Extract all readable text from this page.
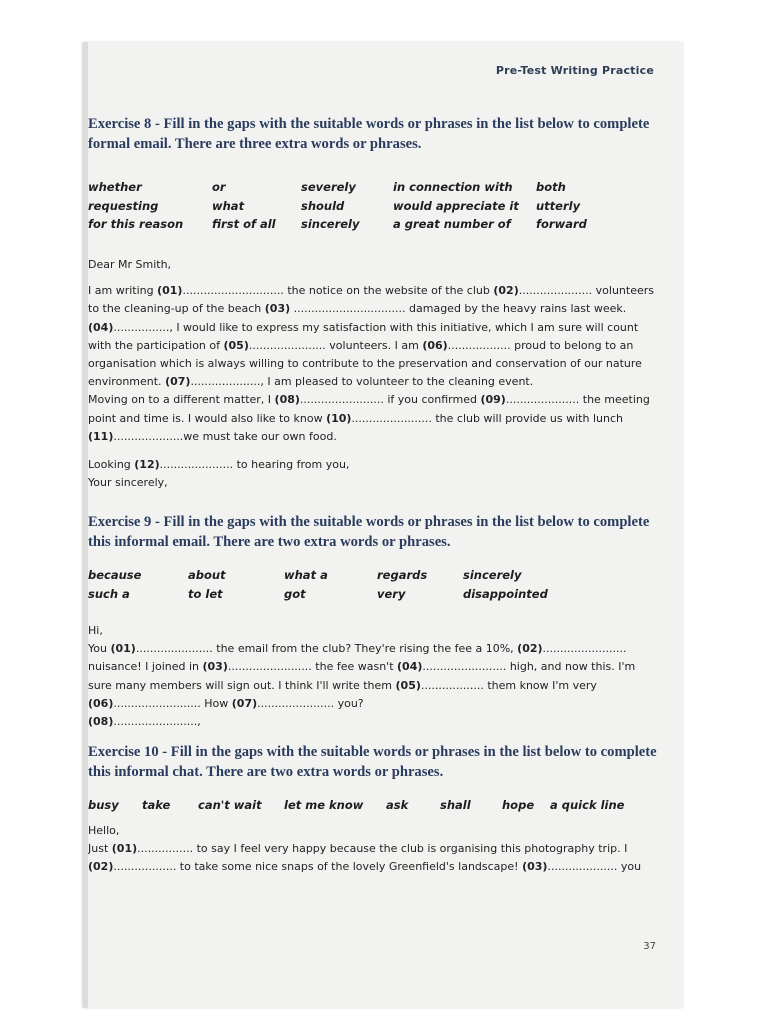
Pre-Test Writing Practice
Exercise 8 - Fill in the gaps with the suitable words or phrases in the list below to complete
formal email. There are three extra words or phrases.
whether
requesting
for this reason
or
what
first of all
severely
should
sincerely
in connection with
would appreciate it
a great number of
both
utterly
forward

Dear Mr Smith,

I am writing (01)............................. the notice on the website of the club (02)..................... volunteers

to the cleaning-up of the beach (03) ................................ damaged by the heavy rains last week.

(04)................, I would like to express my satisfaction with this initiative, which I am sure will count

with the participation of (05)...................... volunteers. I am (06).................. proud to belong to an

organisation which is always willing to contribute to the preservation and conservation of our nature

environment. (07)...................., I am pleased to volunteer to the cleaning event.

Moving on to a different matter, I (08)........................ if you confirmed (09)..................... the meeting

point and time is. I would also like to know (10)....................... the club will provide us with lunch

(11)....................we must take our own food.

Looking (12)..................... to hearing from you,

Your sincerely,

Exercise 9 - Fill in the gaps with the suitable words or phrases in the list below to complete
this informal email. There are two extra words or phrases.
because
such a
about
to let
what a
got
regards
very
sincerely
disappointed

Hi,

You (01)...................... the email from the club? They're rising the fee a 10%, (02)........................

nuisance! I joined in (03)........................ the fee wasn't (04)........................ high, and now this. I'm

sure many members will sign out. I think I'll write them (05).................. them know I'm very

(06)......................... How (07)...................... you?

(08)........................,

Exercise 10 - Fill in the gaps with the suitable words or phrases in the list below to complete
this informal chat. There are two extra words or phrases.
busy take can't wait let me know ask	shall	hope a quick line

Hello,

Just (01)................ to say I feel very happy because the club is organising this photography trip. I

(02).................. to take some nice snaps of the lovely Greenfield's landscape! (03).................... you

37
